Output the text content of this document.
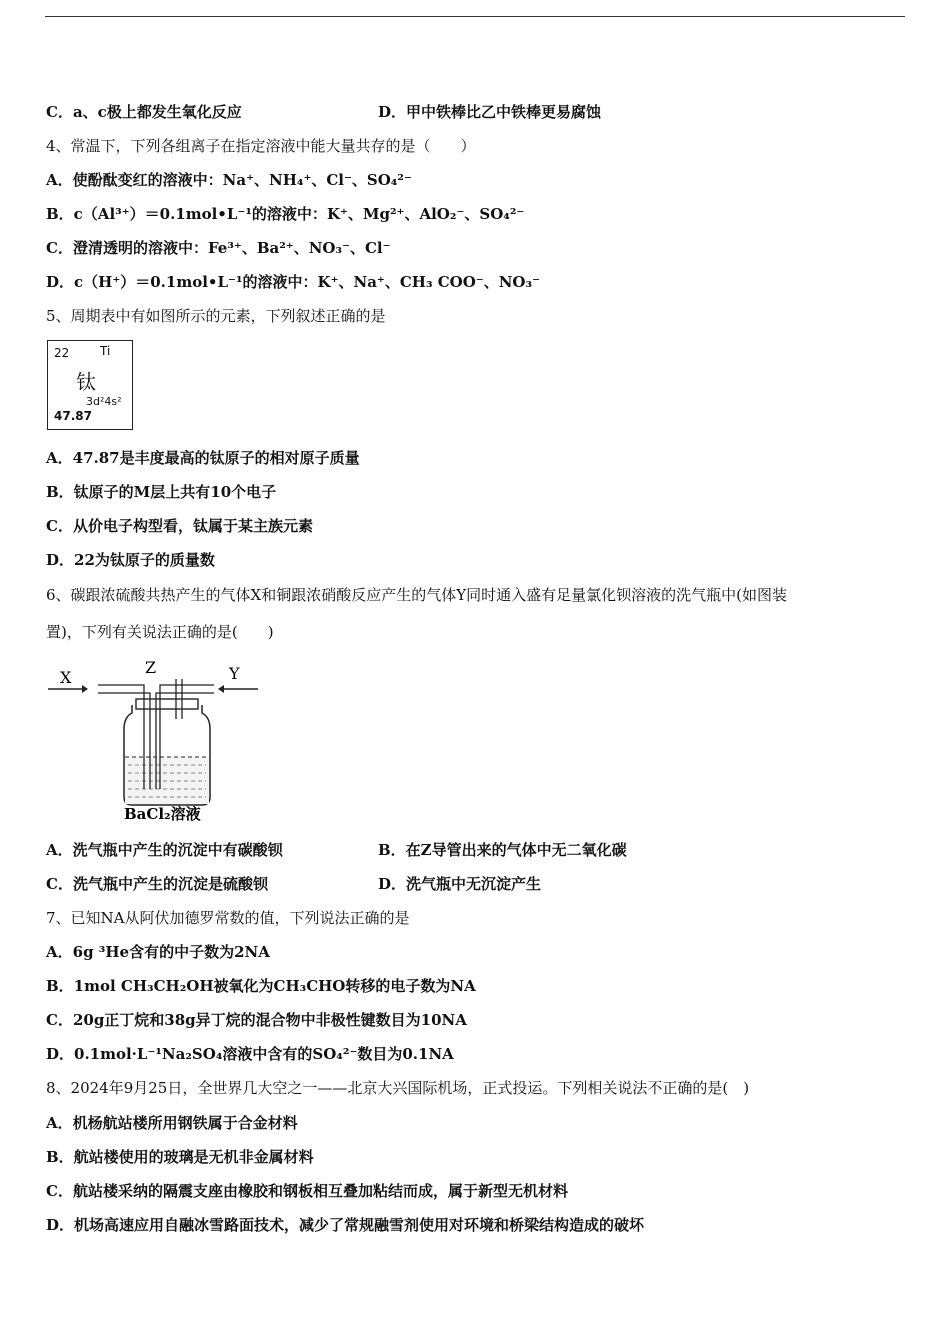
C．a、c极上都发生氧化反应	D．甲中铁棒比乙中铁棒更易腐蚀
4、常温下，下列各组离子在指定溶液中能大量共存的是（　　）
A．使酚酞变红的溶液中：Na⁺、NH₄⁺、Cl⁻、SO₄²⁻
B．c（Al³⁺）＝0.1mol•L⁻¹的溶液中：K⁺、Mg²⁺、AlO₂⁻、SO₄²⁻
C．澄清透明的溶液中：Fe³⁺、Ba²⁺、NO₃⁻、Cl⁻
D．c（H⁺）＝0.1mol•L⁻¹的溶液中：K⁺、Na⁺、CH₃ COO⁻、NO₃⁻
5、周期表中有如图所示的元素，下列叙述正确的是
22	Ti
钛
3d²4s²
47.87
A．47.87是丰度最高的钛原子的相对原子质量
B．钛原子的M层上共有10个电子
C．从价电子构型看，钛属于某主族元素
D．22为钛原子的质量数
6、碳跟浓硫酸共热产生的气体X和铜跟浓硝酸反应产生的气体Y同时通入盛有足量氯化钡溶液的洗气瓶中(如图装
置)，下列有关说法正确的是(　　)
X
Z	Y
BaCl₂溶液
A．洗气瓶中产生的沉淀中有碳酸钡	B．在Z导管出来的气体中无二氧化碳
C．洗气瓶中产生的沉淀是硫酸钡	D．洗气瓶中无沉淀产生
7、已知NA从阿伏加德罗常数的值，下列说法正确的是
A．6g ³He含有的中子数为2NA
B．1mol CH₃CH₂OH被氧化为CH₃CHO转移的电子数为NA
C．20g正丁烷和38g异丁烷的混合物中非极性键数目为10NA
D．0.1mol·L⁻¹Na₂SO₄溶液中含有的SO₄²⁻数目为0.1NA
8、2024年9月25日，全世界几大空之一——北京大兴国际机场，正式投运。下列相关说法不正确的是(　)
A．机杨航站楼所用钢铁属于合金材料
B．航站楼使用的玻璃是无机非金属材料
C．航站楼采纳的隔震支座由橡胶和钢板相互叠加粘结而成，属于新型无机材料
D．机场高速应用自融冰雪路面技术，减少了常规融雪剂使用对环境和桥梁结构造成的破坏
